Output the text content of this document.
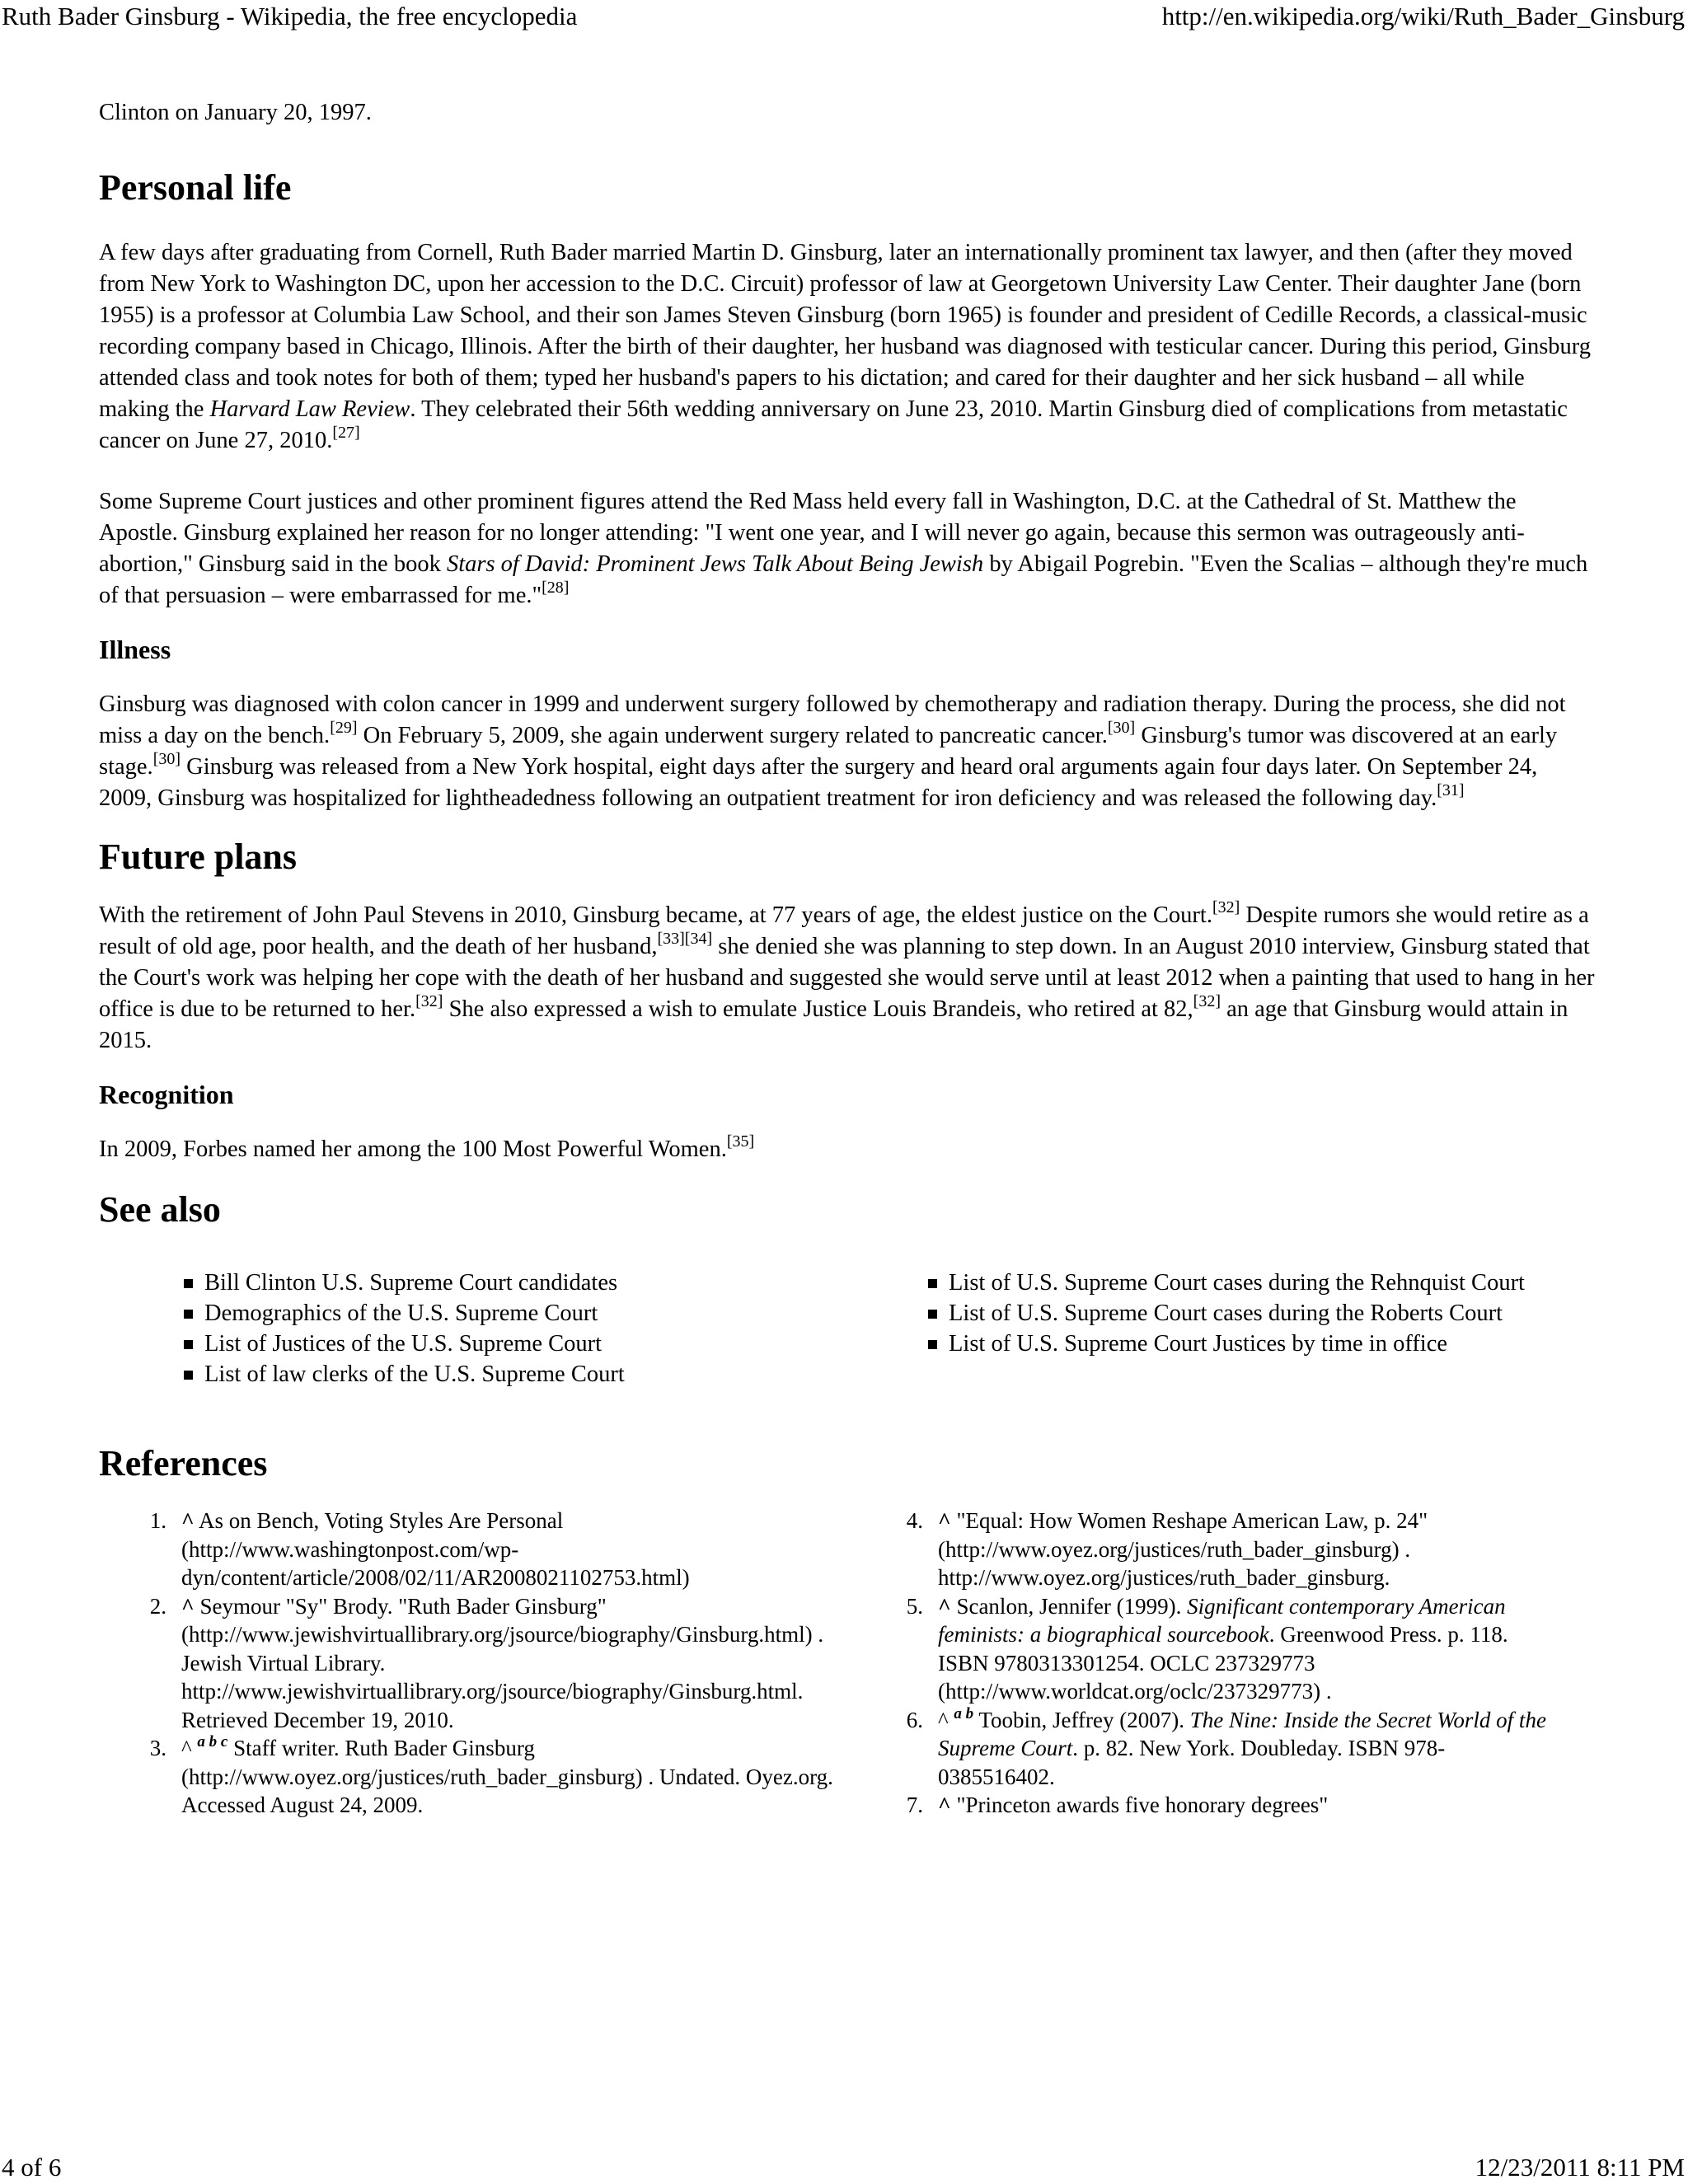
Ruth Bader Ginsburg - Wikipedia, the free encyclopedia	http://en.wikipedia.org/wiki/Ruth_Bader_Ginsburg

Clinton on January 20, 1997.

Personal life

A few days after graduating from Cornell, Ruth Bader married Martin D. Ginsburg, later an internationally prominent tax lawyer, and then (after they moved from New York to Washington DC, upon her accession to the D.C. Circuit) professor of law at Georgetown University Law Center. Their daughter Jane (born 1955) is a professor at Columbia Law School, and their son James Steven Ginsburg (born 1965) is founder and president of Cedille Records, a classical-music recording company based in Chicago, Illinois. After the birth of their daughter, her husband was diagnosed with testicular cancer. During this period, Ginsburg attended class and took notes for both of them; typed her husband's papers to his dictation; and cared for their daughter and her sick husband – all while making the Harvard Law Review. They celebrated their 56th wedding anniversary on June 23, 2010. Martin Ginsburg died of complications from metastatic cancer on June 27, 2010.[27]

Some Supreme Court justices and other prominent figures attend the Red Mass held every fall in Washington, D.C. at the Cathedral of St. Matthew the Apostle. Ginsburg explained her reason for no longer attending: "I went one year, and I will never go again, because this sermon was outrageously anti-abortion," Ginsburg said in the book Stars of David: Prominent Jews Talk About Being Jewish by Abigail Pogrebin. "Even the Scalias – although they're much of that persuasion – were embarrassed for me."[28]

Illness

Ginsburg was diagnosed with colon cancer in 1999 and underwent surgery followed by chemotherapy and radiation therapy. During the process, she did not miss a day on the bench.[29] On February 5, 2009, she again underwent surgery related to pancreatic cancer.[30] Ginsburg's tumor was discovered at an early stage.[30] Ginsburg was released from a New York hospital, eight days after the surgery and heard oral arguments again four days later. On September 24, 2009, Ginsburg was hospitalized for lightheadedness following an outpatient treatment for iron deficiency and was released the following day.[31]

Future plans

With the retirement of John Paul Stevens in 2010, Ginsburg became, at 77 years of age, the eldest justice on the Court.[32] Despite rumors she would retire as a result of old age, poor health, and the death of her husband,[33][34] she denied she was planning to step down. In an August 2010 interview, Ginsburg stated that the Court's work was helping her cope with the death of her husband and suggested she would serve until at least 2012 when a painting that used to hang in her office is due to be returned to her.[32] She also expressed a wish to emulate Justice Louis Brandeis, who retired at 82,[32] an age that Ginsburg would attain in 2015.

Recognition

In 2009, Forbes named her among the 100 Most Powerful Women.[35]

See also
Bill Clinton U.S. Supreme Court candidates
Demographics of the U.S. Supreme Court
List of Justices of the U.S. Supreme Court
List of law clerks of the U.S. Supreme Court
List of U.S. Supreme Court cases during the Rehnquist Court
List of U.S. Supreme Court cases during the Roberts Court
List of U.S. Supreme Court Justices by time in office
References
1. ^ As on Bench, Voting Styles Are Personal (http://www.washingtonpost.com/wp-dyn/content/article/2008/02/11/AR2008021102753.html)
2. ^ Seymour "Sy" Brody. "Ruth Bader Ginsburg" (http://www.jewishvirtuallibrary.org/jsource/biography/Ginsburg.html) . Jewish Virtual Library. http://www.jewishvirtuallibrary.org/jsource/biography/Ginsburg.html. Retrieved December 19, 2010.
3. ^ $^{a b c}$ Staff writer. Ruth Bader Ginsburg (http://www.oyez.org/justices/ruth_bader_ginsburg) . Undated. Oyez.org. Accessed August 24, 2009.
4. ^ "Equal: How Women Reshape American Law, p. 24" (http://www.oyez.org/justices/ruth_bader_ginsburg) . http://www.oyez.org/justices/ruth_bader_ginsburg.
5. ^ Scanlon, Jennifer (1999). Significant contemporary American feminists: a biographical sourcebook. Greenwood Press. p. 118. ISBN 9780313301254. OCLC 237329773 (http://www.worldcat.org/oclc/237329773) .
6. ^ $^{a b}$ Toobin, Jeffrey (2007). The Nine: Inside the Secret World of the Supreme Court. p. 82. New York. Doubleday. ISBN 978-0385516402.
7. ^ "Princeton awards five honorary degrees"
4 of 6	12/23/2011 8:11 PM
